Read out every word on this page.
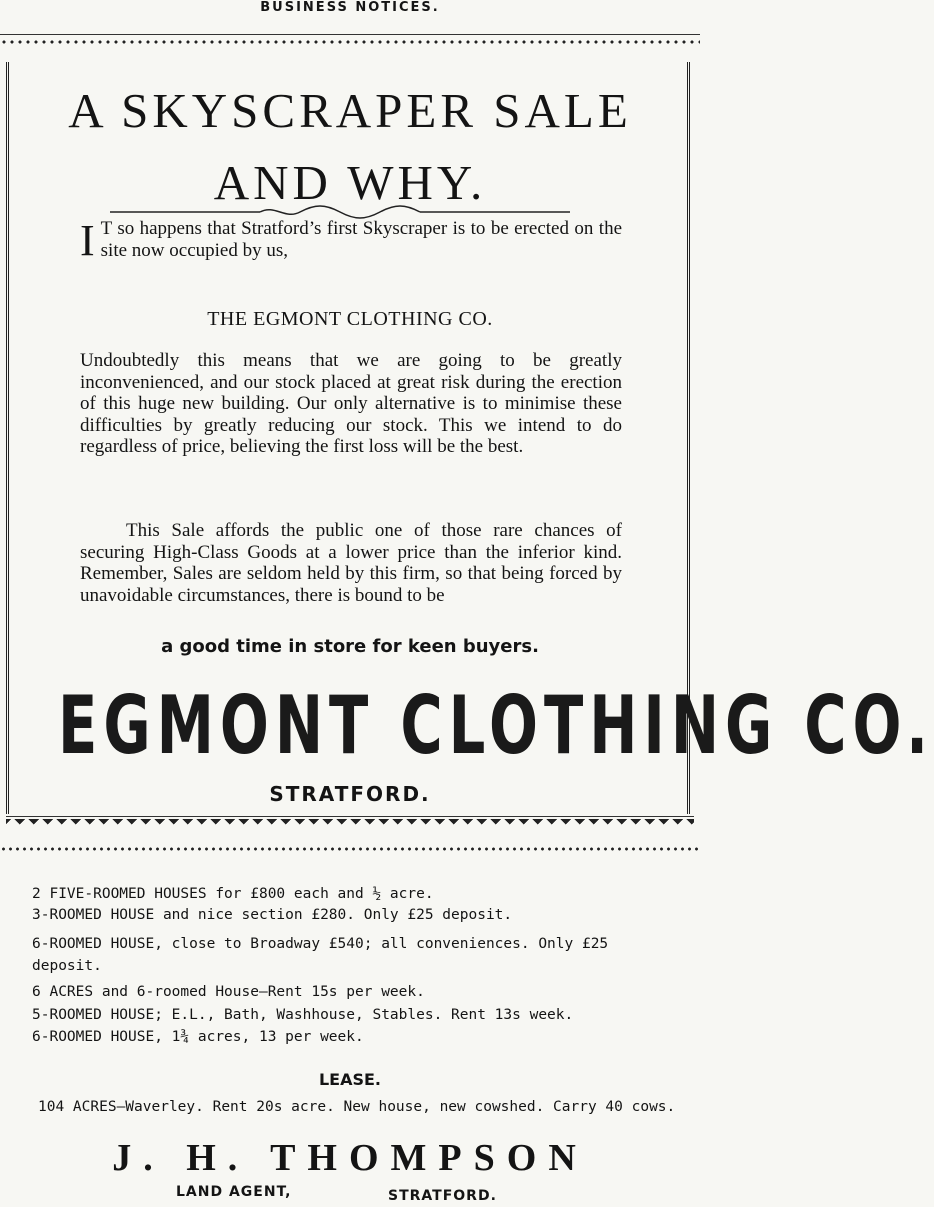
BUSINESS NOTICES.
A SKYSCRAPER SALE
AND WHY.
I T so happens that Stratford’s first Skyscraper is to be erected on the site now occupied by us,
THE EGMONT CLOTHING CO.
Undoubtedly this means that we are going to be greatly inconvenienced, and our stock placed at great risk during the erection of this huge new building. Our only alternative is to minimise these difficulties by greatly reducing our stock. This we intend to do regardless of price, believing the first loss will be the best.
This Sale affords the public one of those rare chances of securing High-Class Goods at a lower price than the inferior kind. Remember, Sales are seldom held by this firm, so that being forced by unavoidable circumstances, there is bound to be
a good time in store for keen buyers.
EGMONT CLOTHING CO.
STRATFORD.
2 FIVE-ROOMED HOUSES for £800 each and ½ acre.
3-ROOMED HOUSE and nice section £280. Only £25 deposit.
6-ROOMED HOUSE, close to Broadway £540; all conveniences. Only £25 deposit.
6 ACRES and 6-roomed House—Rent 15s per week.
5-ROOMED HOUSE; E.L., Bath, Washhouse, Stables. Rent 13s week.
6-ROOMED HOUSE, 1¾ acres, 13 per week.
LEASE.
104 ACRES—Waverley. Rent 20s acre. New house, new cowshed. Carry 40 cows.
J. H. THOMPSON
LAND AGENT,	STRATFORD.
